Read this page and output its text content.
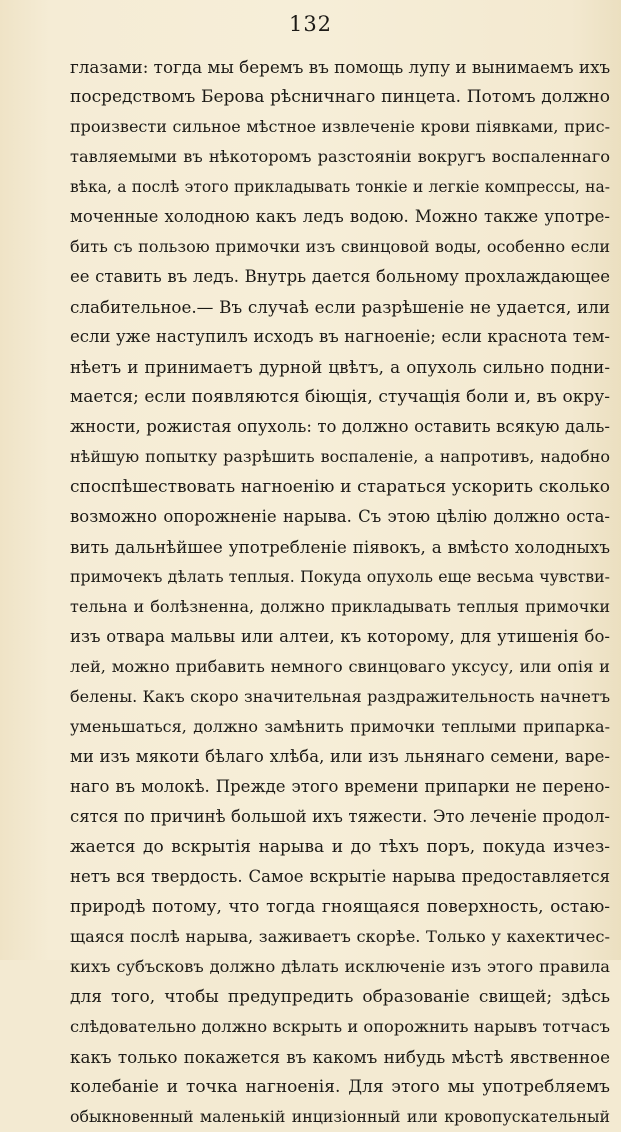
132
глазами: тогда мы беремъ въ помощь лупу и вынимаемъ ихъ
посредствомъ Берова рѣсничнаго пинцета. Потомъ должно
произвести сильное мѣстное извлеченіе крови піявками, прис-
тавляемыми въ нѣкоторомъ разстояніи вокругъ воспаленнаго
вѣка, а послѣ этого прикладывать тонкіе и легкіе компрессы, на-
моченные холодною какъ ледъ водою. Можно также употре-
бить съ пользою примочки изъ свинцовой воды, особенно если
ее ставить въ ледъ. Внутрь дается больному прохлаждающее
слабительное.— Въ случаѣ если разрѣшеніе не удается, или
если уже наступилъ исходъ въ нагноеніе; если краснота тем-
нѣетъ и принимаетъ дурной цвѣтъ, а опухоль сильно подни-
мается; если появляются біющія, стучащія боли и, въ окру-
жности, рожистая опухоль: то должно оставить всякую даль-
нѣйшую попытку разрѣшить воспаленіе, а напротивъ, надобно
споспѣшествовать нагноенію и стараться ускорить сколько
возможно опорожненіе нарыва. Съ этою цѣлію должно оста-
вить дальнѣйшее употребленіе піявокъ, а вмѣсто холодныхъ
примочекъ дѣлать теплыя. Покуда опухоль еще весьма чувстви-
тельна и болѣзненна, должно прикладывать теплыя примочки
изъ отвара мальвы или алтеи, къ которому, для утишенія бо-
лей, можно прибавить немного свинцоваго уксусу, или опія и
белены. Какъ скоро значительная раздражительность начнетъ
уменьшаться, должно замѣнить примочки теплыми припарка-
ми изъ мякоти бѣлаго хлѣба, или изъ льнянаго семени, варе-
наго въ молокѣ. Прежде этого времени припарки не перено-
сятся по причинѣ большой ихъ тяжести. Это леченіе продол-
жается до вскрытія нарыва и до тѣхъ поръ, покуда изчез-
нетъ вся твердость. Самое вскрытіе нарыва предоставляется
природѣ потому, что тогда гноящаяся поверхность, остаю-
щаяся послѣ нарыва, заживаетъ скорѣе. Только у кахектичес-
кихъ субъсковъ должно дѣлать исключеніе изъ этого правила
для того, чтобы предупредить образованіе свищей; здѣсь
слѣдовательно должно вскрыть и опорожнить нарывъ тотчасъ
какъ только покажется въ какомъ нибудь мѣстѣ явственное
колебаніе и точка нагноенія. Для этого мы употребляемъ
обыкновенный маленькій инцизіонный или кровопускательный
